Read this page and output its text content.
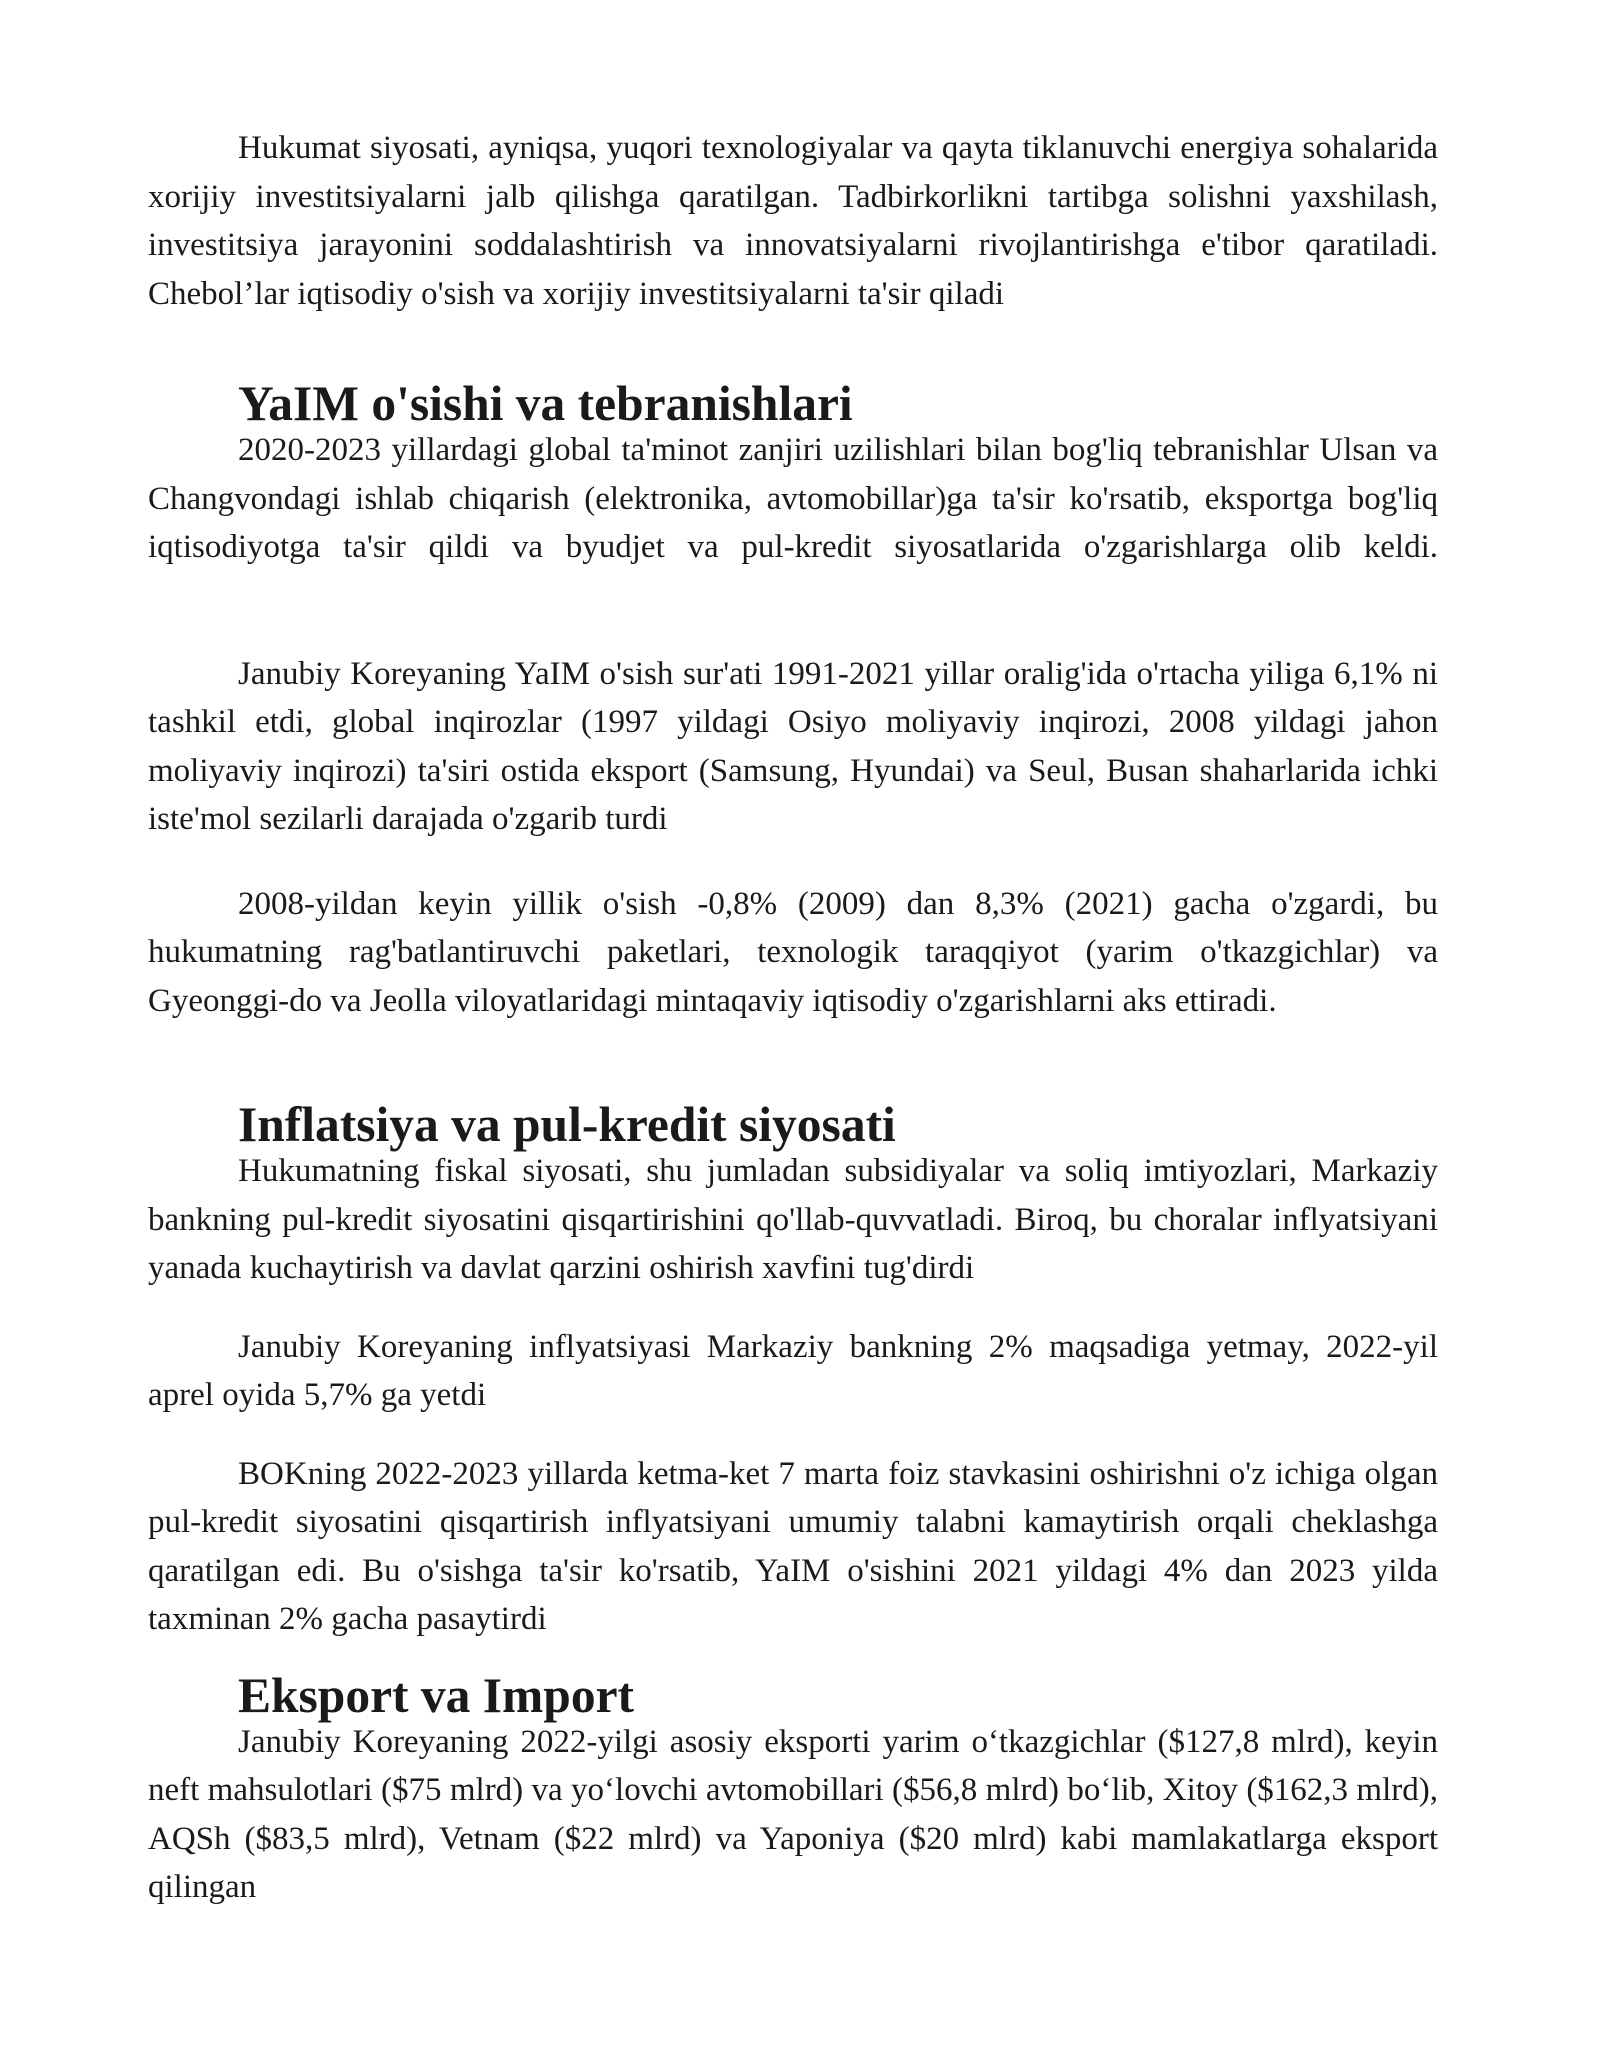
Hukumat siyosati, ayniqsa, yuqori texnologiyalar va qayta tiklanuvchi energiya sohalarida xorijiy investitsiyalarni jalb qilishga qaratilgan. Tadbirkorlikni tartibga solishni yaxshilash, investitsiya jarayonini soddalashtirish va innovatsiyalarni rivojlantirishga e'tibor qaratiladi. Chebol’lar iqtisodiy o'sish va xorijiy investitsiyalarni ta'sir qiladi

YaIM o'sishi va tebranishlari

2020-2023 yillardagi global ta'minot zanjiri uzilishlari bilan bog'liq tebranishlar Ulsan va Changvondagi ishlab chiqarish (elektronika, avtomobillar)ga ta'sir ko'rsatib, eksportga bog'liq iqtisodiyotga ta'sir qildi va byudjet va pul-kredit siyosatlarida o'zgarishlarga olib keldi.

Janubiy Koreyaning YaIM o'sish sur'ati 1991-2021 yillar oralig'ida o'rtacha yiliga 6,1% ni tashkil etdi, global inqirozlar (1997 yildagi Osiyo moliyaviy inqirozi, 2008 yildagi jahon moliyaviy inqirozi) ta'siri ostida eksport (Samsung, Hyundai) va Seul, Busan shaharlarida ichki iste'mol sezilarli darajada o'zgarib turdi

2008-yildan keyin yillik o'sish -0,8% (2009) dan 8,3% (2021) gacha o'zgardi, bu hukumatning rag'batlantiruvchi paketlari, texnologik taraqqiyot (yarim o'tkazgichlar) va Gyeonggi-do va Jeolla viloyatlaridagi mintaqaviy iqtisodiy o'zgarishlarni aks ettiradi.

Inflatsiya va pul-kredit siyosati

Hukumatning fiskal siyosati, shu jumladan subsidiyalar va soliq imtiyozlari, Markaziy bankning pul-kredit siyosatini qisqartirishini qo'llab-quvvatladi. Biroq, bu choralar inflyatsiyani yanada kuchaytirish va davlat qarzini oshirish xavfini tug'dirdi

Janubiy Koreyaning inflyatsiyasi Markaziy bankning 2% maqsadiga yetmay, 2022-yil aprel oyida 5,7% ga yetdi

BOKning 2022-2023 yillarda ketma-ket 7 marta foiz stavkasini oshirishni o'z ichiga olgan pul-kredit siyosatini qisqartirish inflyatsiyani umumiy talabni kamaytirish orqali cheklashga qaratilgan edi. Bu o'sishga ta'sir ko'rsatib, YaIM o'sishini 2021 yildagi 4% dan 2023 yilda taxminan 2% gacha pasaytirdi

Eksport va Import

Janubiy Koreyaning 2022-yilgi asosiy eksporti yarim o‘tkazgichlar ($127,8 mlrd), keyin neft mahsulotlari ($75 mlrd) va yo‘lovchi avtomobillari ($56,8 mlrd) bo‘lib, Xitoy ($162,3 mlrd), AQSh ($83,5 mlrd), Vetnam ($22 mlrd) va Yaponiya ($20 mlrd) kabi mamlakatlarga eksport qilingan
